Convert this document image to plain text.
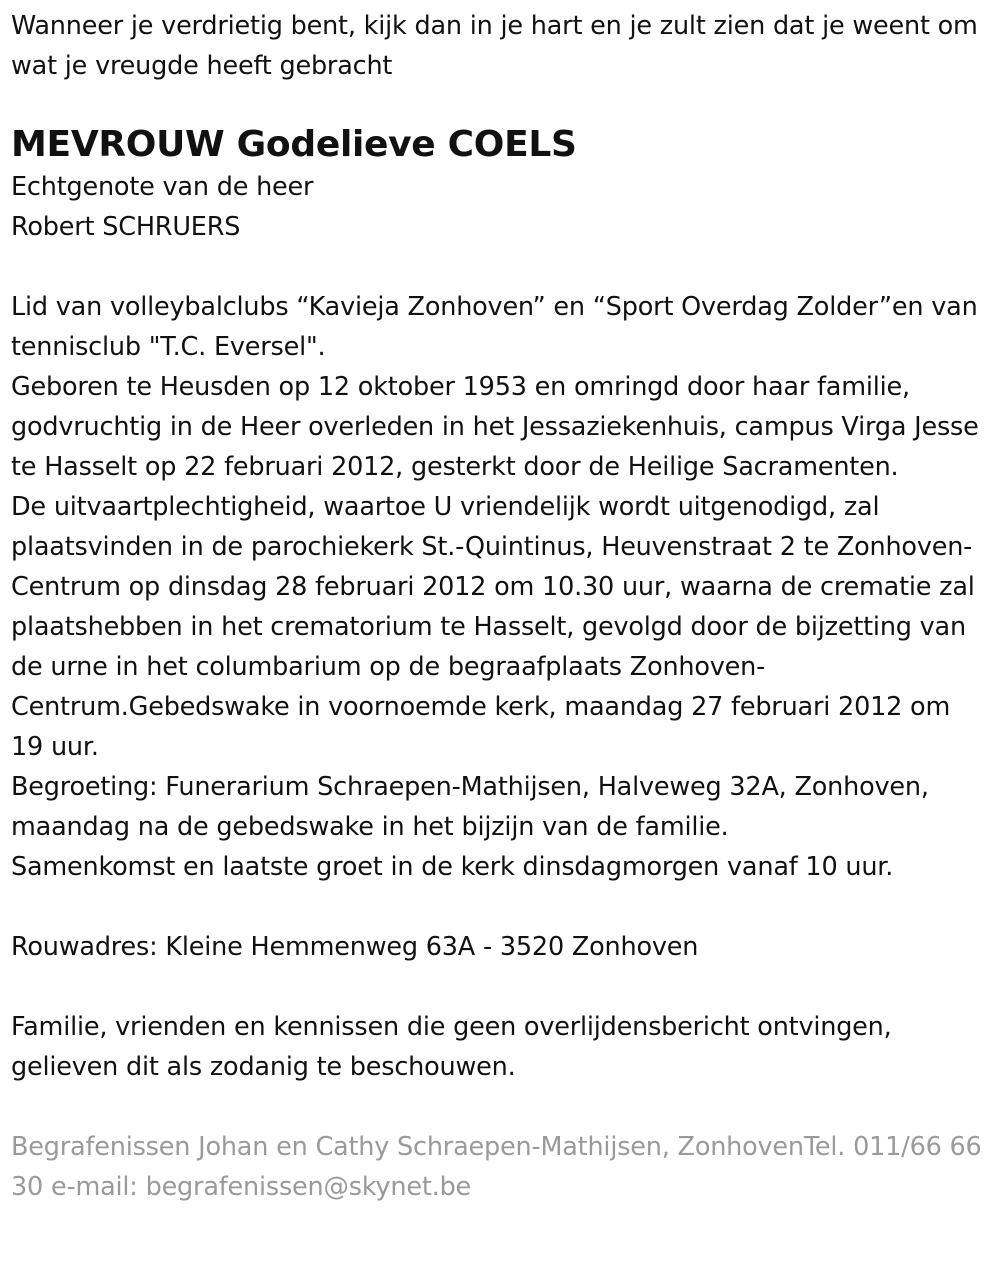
Wanneer je verdrietig bent, kijk dan in je hart en je zult zien dat je weent om wat je vreugde heeft gebracht

MEVROUW Godelieve COELS

Echtgenote van de heer
Robert SCHRUERS

Lid van volleybalclubs “Kavieja Zonhoven” en “Sport Overdag Zolder”en van tennisclub "T.C. Eversel".
Geboren te Heusden op 12 oktober 1953 en omringd door haar familie, godvruchtig in de Heer overleden in het Jessaziekenhuis, campus Virga Jesse te Hasselt op 22 februari 2012, gesterkt door de Heilige Sacramenten.
De uitvaartplechtigheid, waartoe U vriendelijk wordt uitgenodigd, zal plaatsvinden in de parochiekerk St.-Quintinus, Heuvenstraat 2 te Zonhoven-Centrum op dinsdag 28 februari 2012 om 10.30 uur, waarna de crematie zal plaatshebben in het crematorium te Hasselt, gevolgd door de bijzetting van de urne in het columbarium op de begraafplaats Zonhoven-Centrum.Gebedswake in voornoemde kerk, maandag 27 februari 2012 om 19 uur.
Begroeting: Funerarium Schraepen-Mathijsen, Halveweg 32A, Zonhoven, maandag na de gebedswake in het bijzijn van de familie.
Samenkomst en laatste groet in de kerk dinsdagmorgen vanaf 10 uur.

Rouwadres: Kleine Hemmenweg 63A - 3520 Zonhoven

Familie, vrienden en kennissen die geen overlijdensbericht ontvingen, gelieven dit als zodanig te beschouwen.

Begrafenissen Johan en Cathy Schraepen-Mathijsen, ZonhovenTel. 011/66 66 30 e-mail: begrafenissen@skynet.be
